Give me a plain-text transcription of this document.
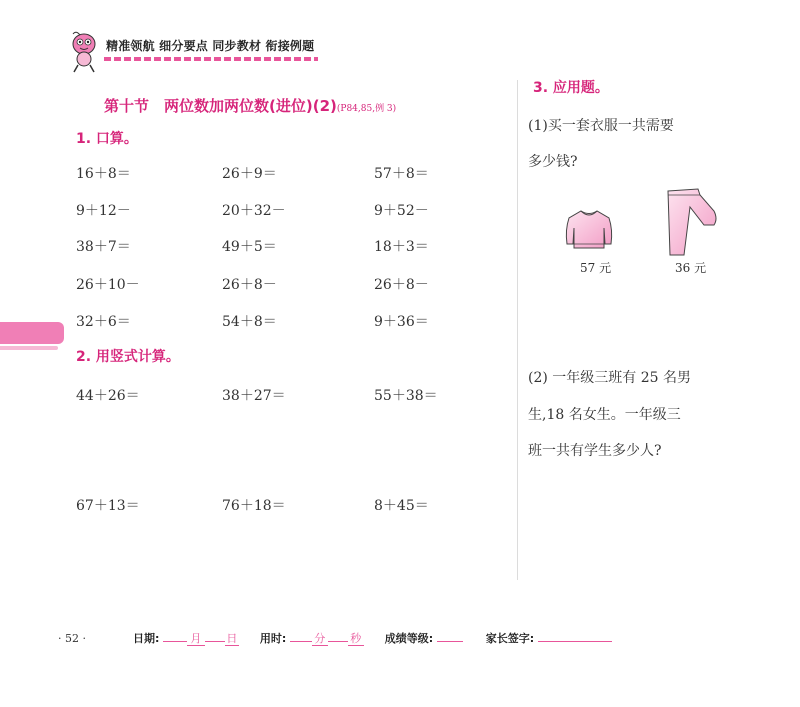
精准领航 细分要点 同步教材 衔接例题
第十节　两位数加两位数(进位)(2)(P84,85,例 3)
1. 口算。
16＋8＝	26＋9＝	57＋8＝
9＋12－	20＋32－	9＋52－
38＋7＝	49＋5＝	18＋3＝
26＋10－	26＋8－	26＋8－
32＋6＝	54＋8＝	9＋36＝
2. 用竖式计算。
44＋26＝	38＋27＝	55＋38＝
67＋13＝	76＋18＝	8＋45＝
3. 应用题。
(1)买一套衣服一共需要
多少钱?
57 元	36 元
(2) 一年级三班有 25 名男
生,18 名女生。一年级三
班一共有学生多少人?
· 52 ·	日期:	月 日 用时:	分 秒 成绩等级:	家长签字:
